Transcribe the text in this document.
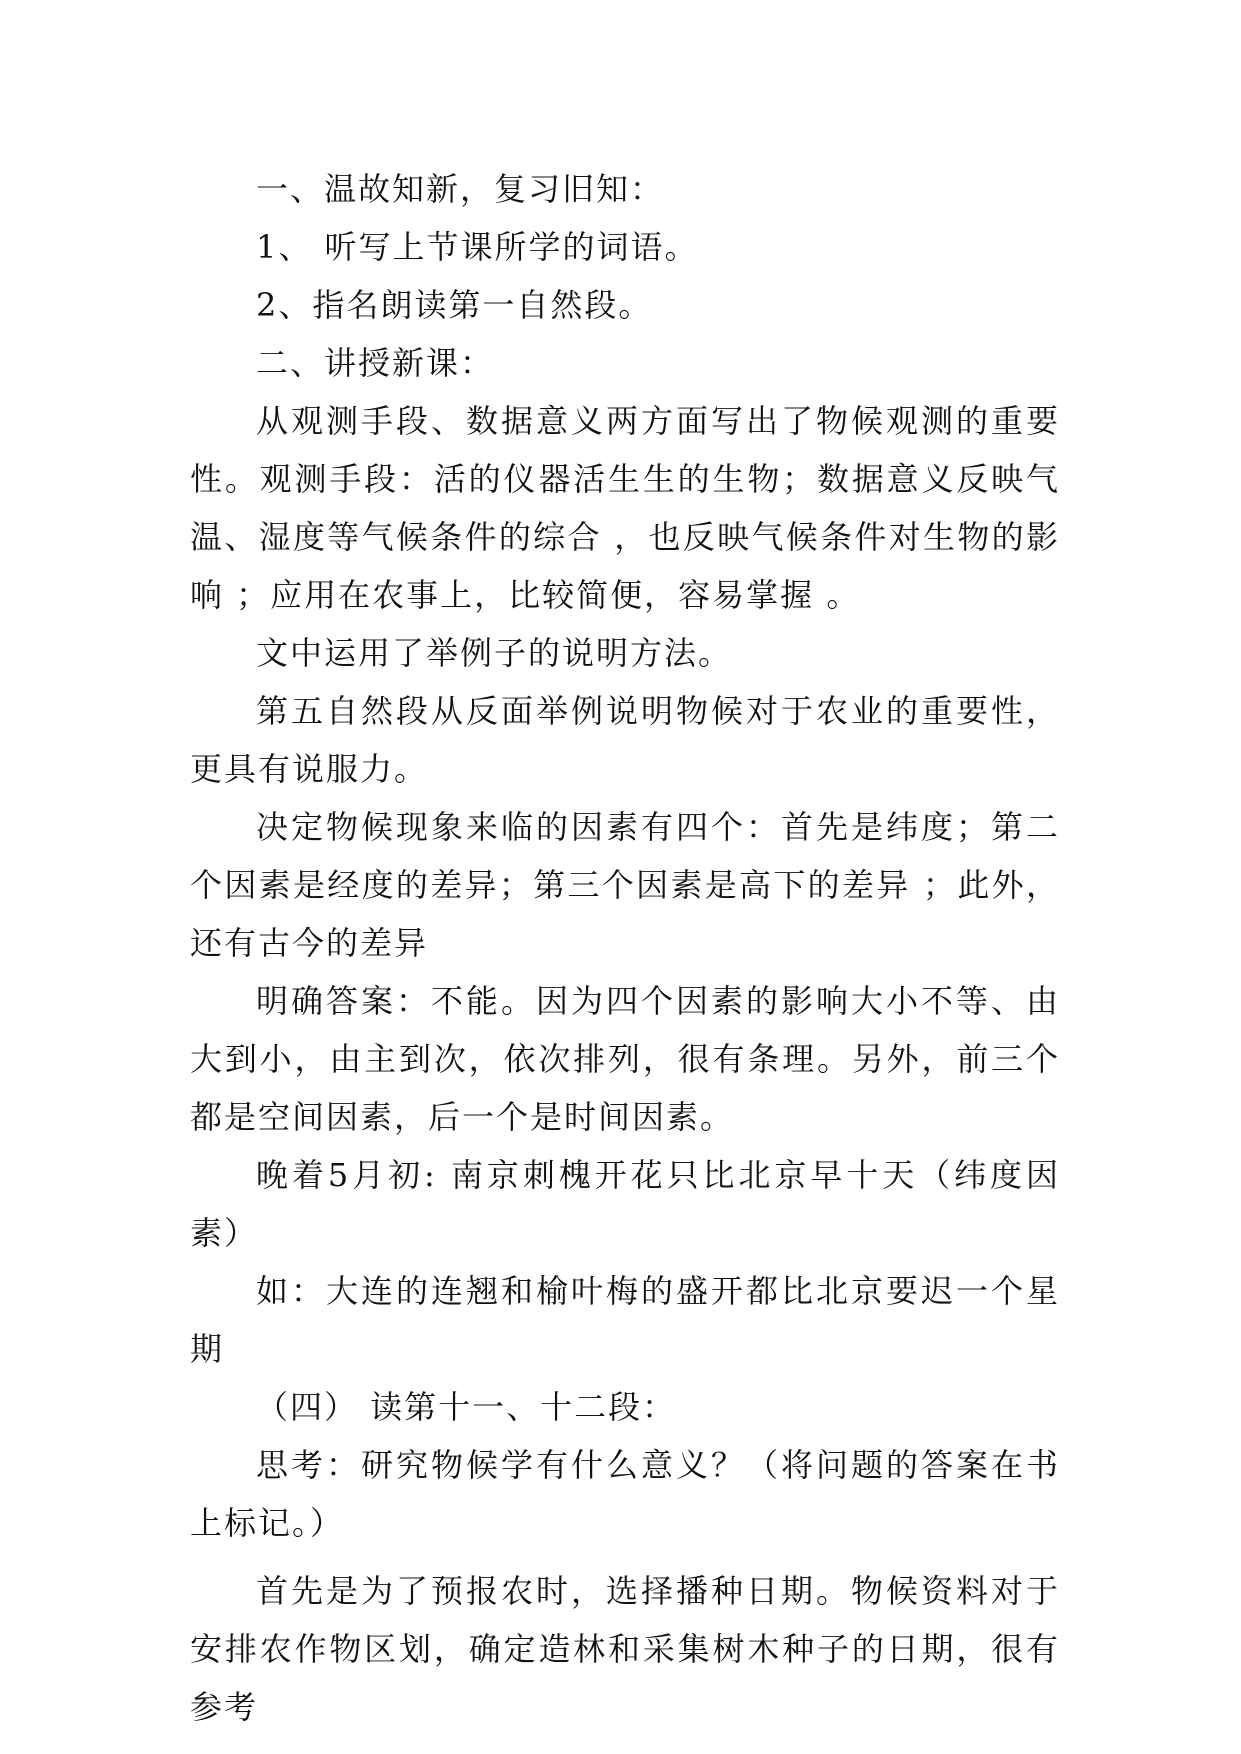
一、温故知新，复习旧知：

1、 听写上节课所学的词语。

2、指名朗读第一自然段。

二、讲授新课：

从观测手段、数据意义两方面写出了物候观测的重要性。观测手段：活的仪器活生生的生物；数据意义反映气温、湿度等气候条件的综合 ，也反映气候条件对生物的影响 ；应用在农事上，比较简便，容易掌握 。

文中运用了举例子的说明方法。

第五自然段从反面举例说明物候对于农业的重要性，更具有说服力。

决定物候现象来临的因素有四个：首先是纬度；第二个因素是经度的差异；第三个因素是高下的差异 ；此外，还有古今的差异

明确答案：不能。因为四个因素的影响大小不等、由大到小，由主到次，依次排列，很有条理。另外，前三个都是空间因素，后一个是时间因素。

晚着5月初: 南京刺槐开花只比北京早十天（纬度因素）

如：大连的连翘和榆叶梅的盛开都比北京要迟一个星期

（四） 读第十一、十二段：

思考：研究物候学有什么意义？（将问题的答案在书上标记。）

首先是为了预报农时，选择播种日期。物候资料对于安排农作物区划，确定造林和采集树木种子的日期，很有参考
